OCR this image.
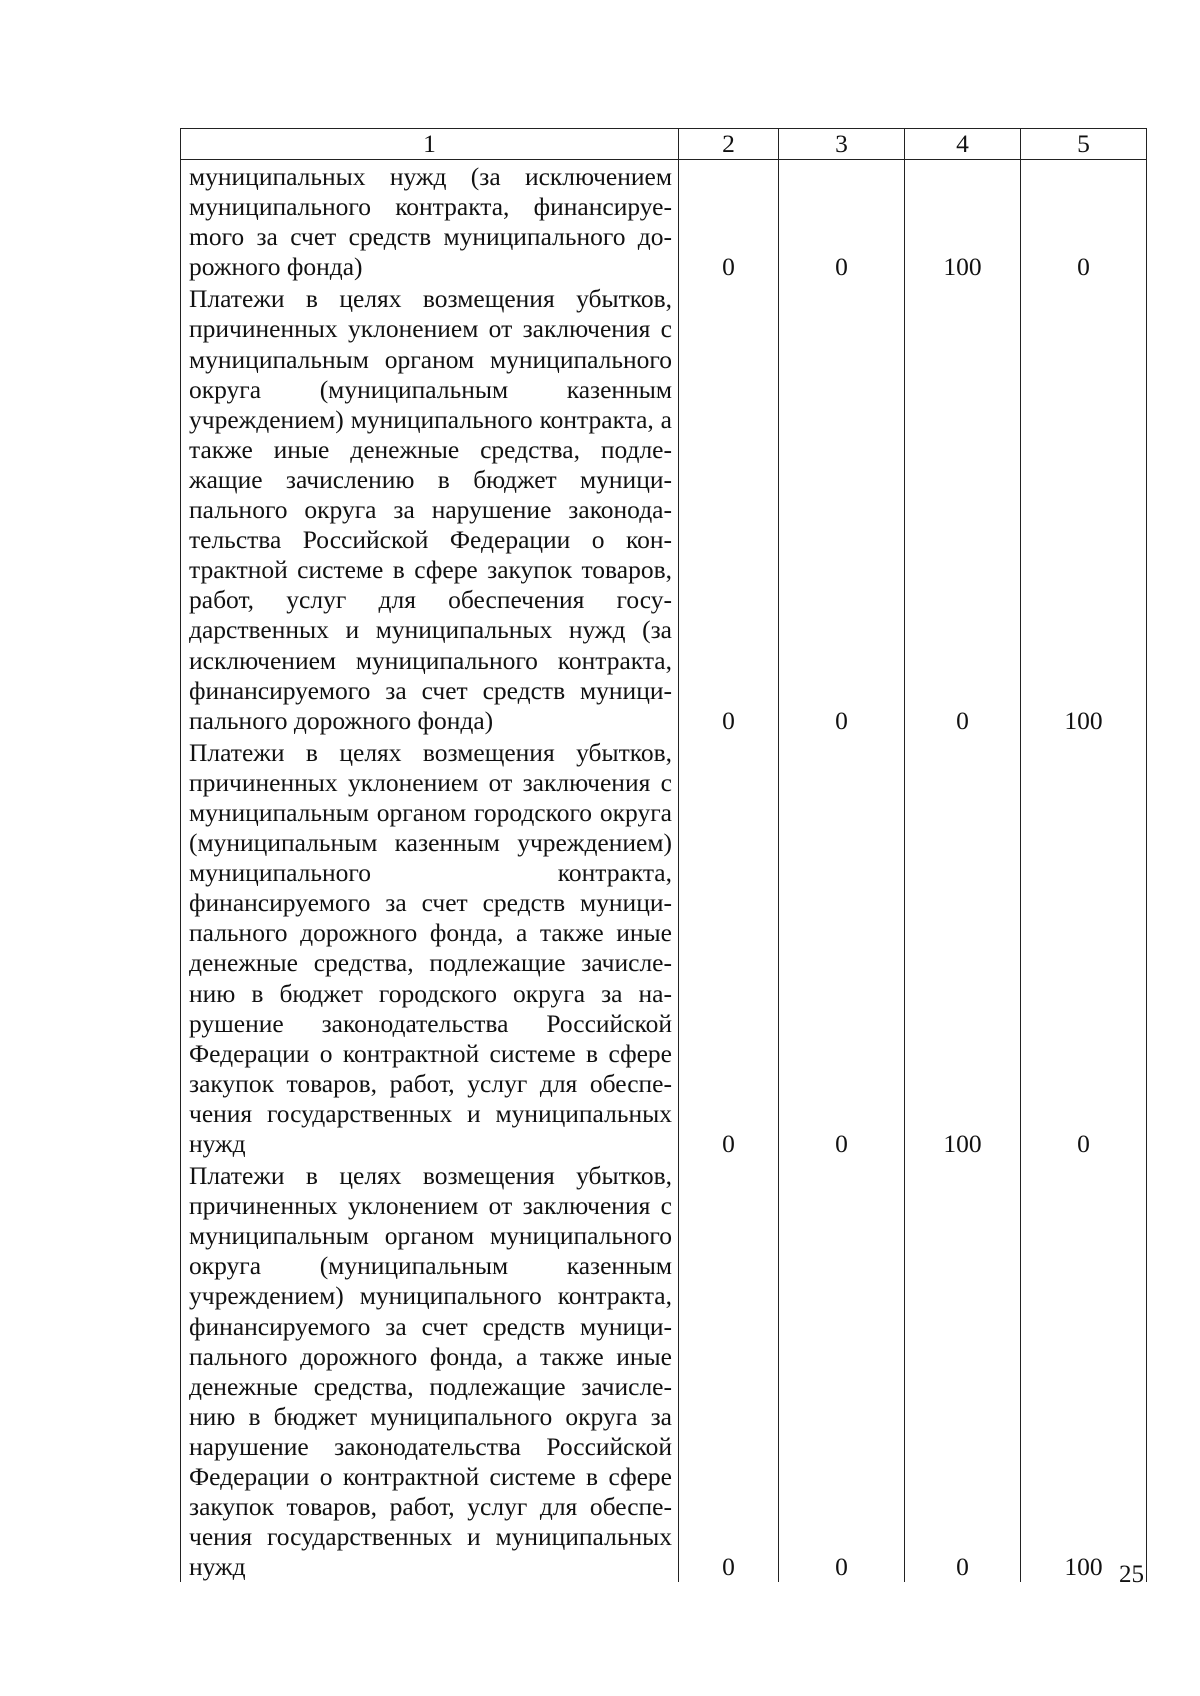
1	2	3	4	5
муниципальных нужд (за исключением муниципального контракта, финансируеmого за счет средств муниципального дорожного фонда)	0	0	100	0
Платежи в целях возмещения убытков, причиненных уклонением от заключения с муниципальным органом муниципального округа (муниципальным казенным учреждением) муниципального контракта, а также иные денежные средства, подлежащие зачислению в бюджет муниципального округа за нарушение законодательства Российской Федерации о контрактной системе в сфере закупок товаров, работ, услуг для обеспечения государственных и муниципальных нужд (за исключением муниципального контракта, финансируемого за счет средств муниципального дорожного фонда)	0	0	0	100
Платежи в целях возмещения убытков, причиненных уклонением от заключения с муниципальным органом городского округа (муниципальным казенным учреждением) муниципального контракта, финансируемого за счет средств муниципального дорожного фонда, а также иные денежные средства, подлежащие зачислению в бюджет городского округа за нарушение законодательства Российской Федерации о контрактной системе в сфере закупок товаров, работ, услуг для обеспечения государственных и муниципальных нужд	0	0	100	0
Платежи в целях возмещения убытков, причиненных уклонением от заключения с муниципальным органом муниципального округа (муниципальным казенным учреждением) муниципального контракта, финансируемого за счет средств муниципального дорожного фонда, а также иные денежные средства, подлежащие зачислению в бюджет муниципального округа за нарушение законодательства Российской Федерации о контрактной системе в сфере закупок товаров, работ, услуг для обеспечения государственных и муниципальных нужд	0	0	0	100 25
